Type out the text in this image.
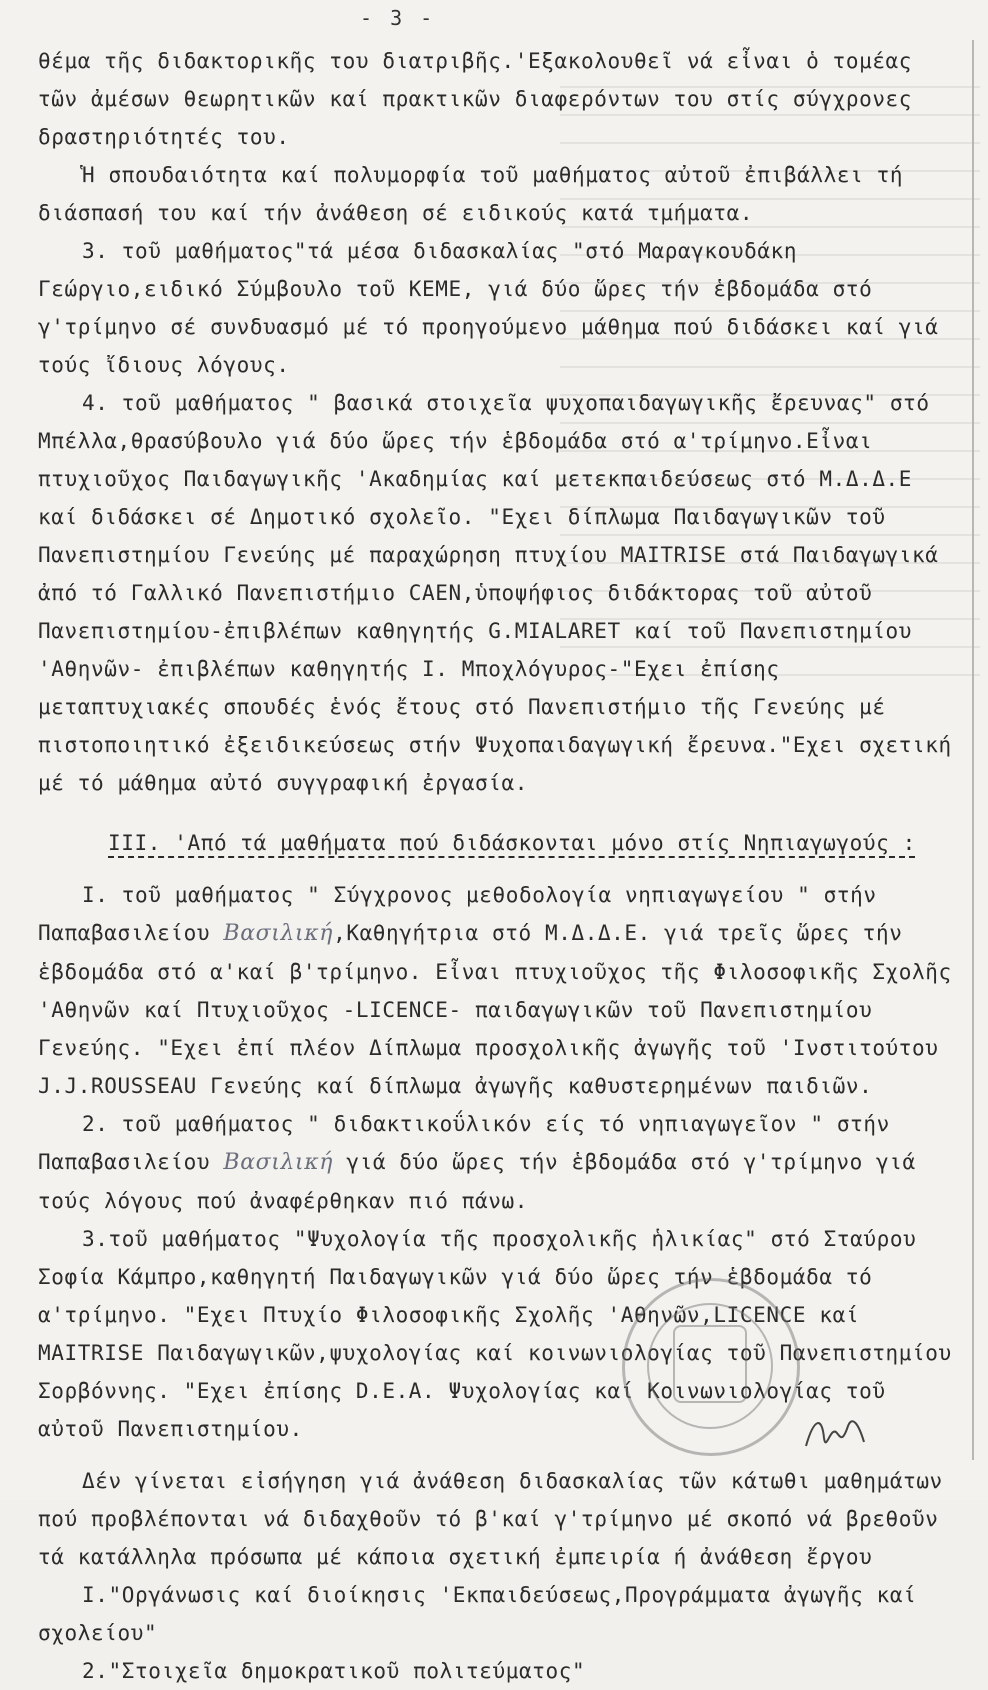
- 3 -

θέμα τῆς διδακτορικῆς του διατριβῆς.'Εξακολουθεῖ νά εἶναι ὁ τομέας τῶν ἀμέσων θεωρητικῶν καί πρακτικῶν διαφερόντων του στίς σύγχρονες δραστηριότητές του.

Ἡ σπουδαιότητα καί πολυμορφία τοῦ μαθήματος αὐτοῦ ἐπιβάλλει τή διάσπασή του καί τήν ἀνάθεση σέ ειδικούς κατά τμήματα.

3. τοῦ μαθήματος"τά μέσα διδασκαλίας "στό Μαραγκουδάκη Γεώργιο,ειδικό Σύμβουλο τοῦ ΚΕΜΕ, γιά δύο ὥρες τήν ἑβδομάδα στό γ'τρίμηνο σέ συνδυασμό μέ τό προηγούμενο μάθημα πού διδάσκει καί γιά τούς ἴδιους λόγους.

4. τοῦ μαθήματος " βασικά στοιχεῖα ψυχοπαιδαγωγικῆς ἔρευνας" στό Μπέλλα,θρασύβουλο γιά δύο ὥρες τήν ἑβδομάδα στό α'τρίμηνο.Εἶναι πτυχιοῦχος Παιδαγωγικῆς 'Ακαδημίας καί μετεκπαιδεύσεως στό Μ.Δ.Δ.Ε καί διδάσκει σέ Δημοτικό σχολεῖο. "Εχει δίπλωμα Παιδαγωγικῶν τοῦ Πανεπιστημίου Γενεύης μέ παραχώρηση πτυχίου MAITRISE στά Παιδαγωγικά ἀπό τό Γαλλικό Πανεπιστήμιο CAEN,ὑποψήφιος διδάκτορας τοῦ αὐτοῦ Πανεπιστημίου-ἐπιβλέπων καθηγητής G.MIALARET καί τοῦ Πανεπιστημίου 'Αθηνῶν- ἐπιβλέπων καθηγητής Ι. Μποχλόγυρος-"Εχει ἐπίσης μεταπτυχιακές σπουδές ἑνός ἔτους στό Πανεπιστήμιο τῆς Γενεύης μέ πιστοποιητικό ἐξειδικεύσεως στήν Ψυχοπαιδαγωγική ἔρευνα."Εχει σχετική μέ τό μάθημα αὐτό συγγραφική ἐργασία.

III. 'Από τά μαθήματα πού διδάσκονται μόνο στίς Νηπιαγωγούς :

Ι. τοῦ μαθήματος " Σύγχρονος μεθοδολογία νηπιαγωγείου " στήν Παπαβασιλείου Βασιλική,Καθηγήτρια στό Μ.Δ.Δ.Ε. γιά τρεῖς ὥρες τήν ἑβδομάδα στό α'καί β'τρίμηνο. Εἶναι πτυχιοῦχος τῆς Φιλοσοφικῆς Σχολῆς 'Αθηνῶν καί Πτυχιοῦχος -LICENCE- παιδαγωγικῶν τοῦ Πανεπιστημίου Γενεύης. "Εχει ἐπί πλέον Δίπλωμα προσχολικῆς ἀγωγῆς τοῦ 'Ινστιτούτου J.J.ROUSSEAU Γενεύης καί δίπλωμα ἀγωγῆς καθυστερημένων παιδιῶν.

2. τοῦ μαθήματος " διδακτικοΰλικόν είς τό νηπιαγωγεῖον " στήν Παπαβασιλείου Βασιλική γιά δύο ὥρες τήν ἑβδομάδα στό γ'τρίμηνο γιά τούς λόγους πού ἀναφέρθηκαν πιό πάνω.

3.τοῦ μαθήματος "Ψυχολογία τῆς προσχολικῆς ἡλικίας" στό Σταύρου Σοφία Κάμπρο,καθηγητή Παιδαγωγικῶν γιά δύο ὥρες τήν ἑβδομάδα τό α'τρίμηνο. "Εχει Πτυχίο Φιλοσοφικῆς Σχολῆς 'Αθηνῶν,LICENCE καί MAITRISE Παιδαγωγικῶν,ψυχολογίας καί κοινωνιολογίας τοῦ Πανεπιστημίου Σορβόννης. "Εχει ἐπίσης D.E.A. Ψυχολογίας καί Κοινωνιολογίας τοῦ αὐτοῦ Πανεπιστημίου.

Δέν γίνεται εἰσήγηση γιά ἀνάθεση διδασκαλίας τῶν κάτωθι μαθημάτων πού προβλέπονται νά διδαχθοῦν τό β'καί γ'τρίμηνο μέ σκοπό νά βρεθοῦν τά κατάλληλα πρόσωπα μέ κάποια σχετική ἐμπειρία ή ἀνάθεση ἔργου

Ι."Οργάνωσις καί διοίκησις 'Εκπαιδεύσεως,Προγράμματα ἀγωγῆς καί σχολείου"

2."Στοιχεῖα δημοκρατικοῦ πολιτεύματος"
